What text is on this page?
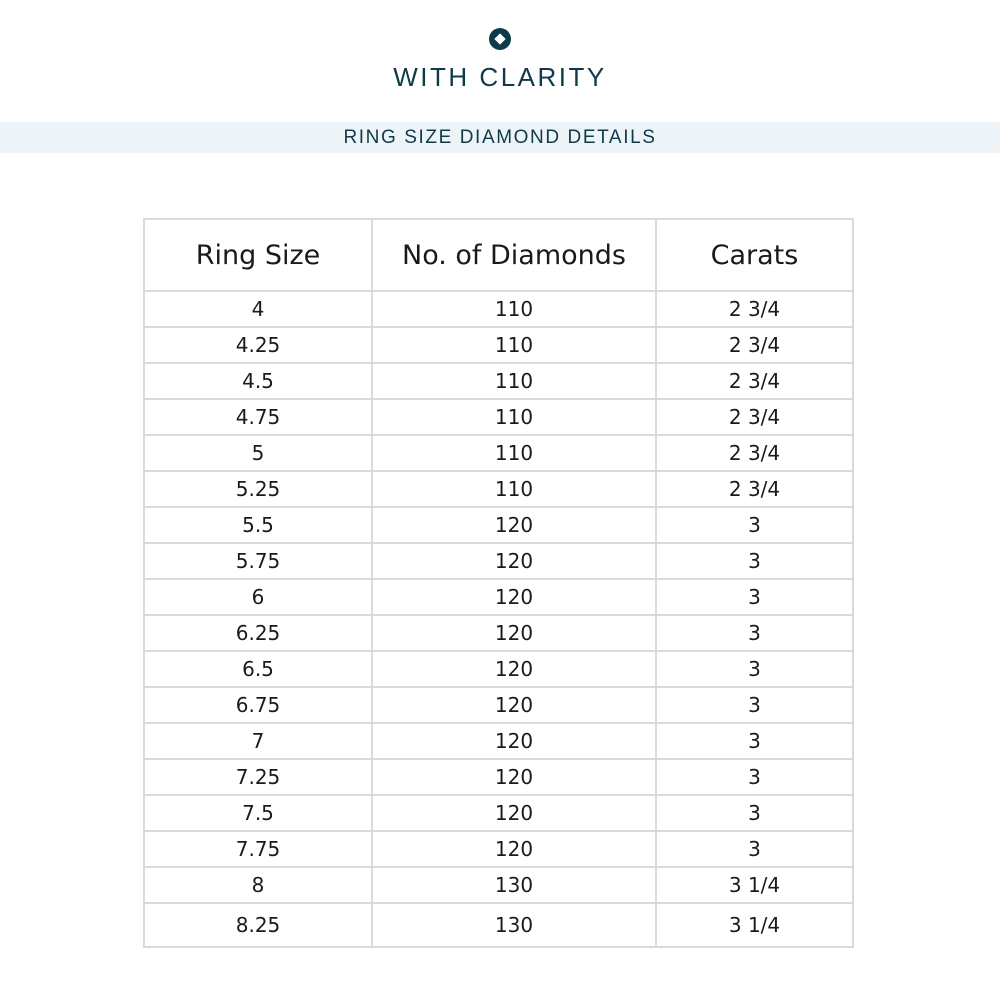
WITH CLARITY
RING SIZE DIAMOND DETAILS
Ring Size	No. of Diamonds	Carats
4	110	2 3/4
4.25	110	2 3/4
4.5	110	2 3/4
4.75	110	2 3/4
5	110	2 3/4
5.25	110	2 3/4
5.5	120	3
5.75	120	3
6	120	3
6.25	120	3
6.5	120	3
6.75	120	3
7	120	3
7.25	120	3
7.5	120	3
7.75	120	3
8	130	3 1/4
8.25	130	3 1/4
